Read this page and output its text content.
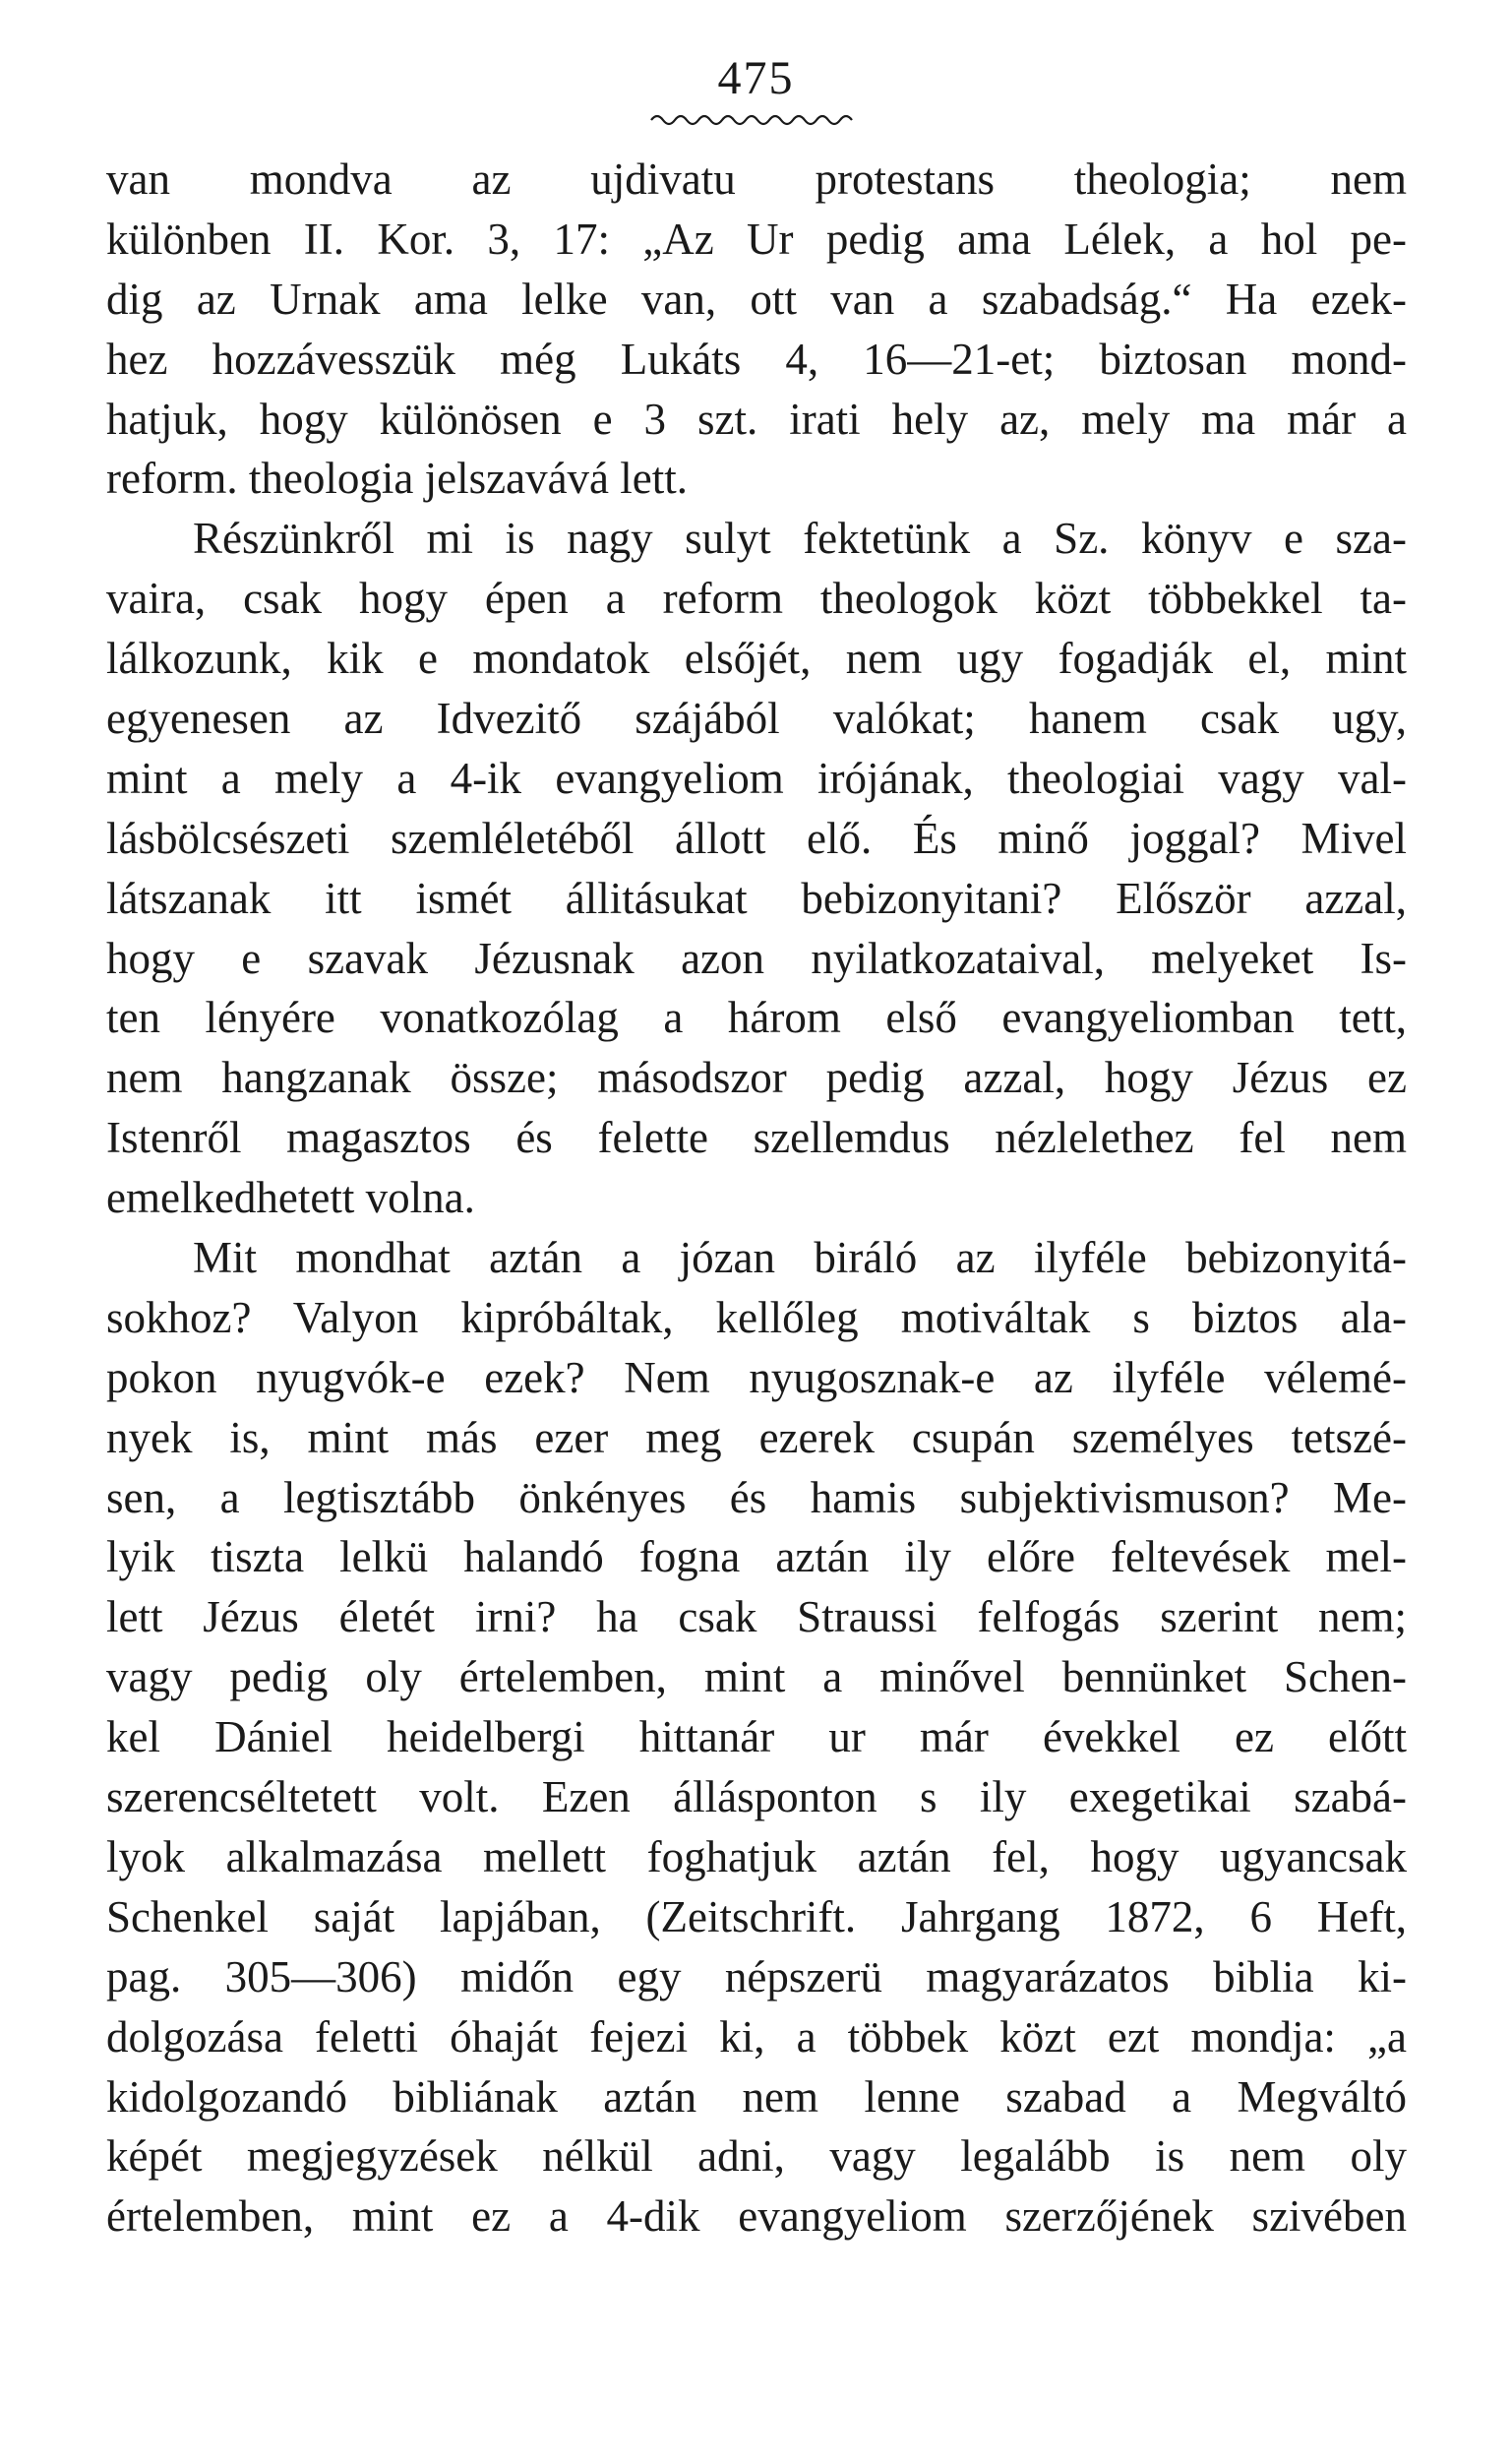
475
van mondva az ujdivatu protestans theologia; nem
különben II. Kor. 3, 17: „Az Ur pedig ama Lélek, a hol pe-
dig az Urnak ama lelke van, ott van a szabadság.“ Ha ezek-
hez hozzávesszük még Lukáts 4, 16—21-et; biztosan mond-
hatjuk, hogy különösen e 3 szt. irati hely az, mely ma már a
reform. theologia jelszavává lett.
Részünkről mi is nagy sulyt fektetünk a Sz. könyv e sza-
vaira, csak hogy épen a reform theologok közt többekkel ta-
lálkozunk, kik e mondatok elsőjét, nem ugy fogadják el, mint
egyenesen az Idvezitő szájából valókat; hanem csak ugy,
mint a mely a 4-ik evangyeliom irójának, theologiai vagy val-
lásbölcsészeti szemléletéből állott elő. És minő joggal? Mivel
látszanak itt ismét állitásukat bebizonyitani? Először azzal,
hogy e szavak Jézusnak azon nyilatkozataival, melyeket Is-
ten lényére vonatkozólag a három első evangyeliomban tett,
nem hangzanak össze; másodszor pedig azzal, hogy Jézus ez
Istenről magasztos és felette szellemdus nézlelethez fel nem
emelkedhetett volna.
Mit mondhat aztán a józan biráló az ilyféle bebizonyitá-
sokhoz? Valyon kipróbáltak, kellőleg motiváltak s biztos ala-
pokon nyugvók-e ezek? Nem nyugosznak-e az ilyféle vélemé-
nyek is, mint más ezer meg ezerek csupán személyes tetszé-
sen, a legtisztább önkényes és hamis subjektivismuson? Me-
lyik tiszta lelkü halandó fogna aztán ily előre feltevések mel-
lett Jézus életét irni? ha csak Straussi felfogás szerint nem;
vagy pedig oly értelemben, mint a minővel bennünket Schen-
kel Dániel heidelbergi hittanár ur már évekkel ez előtt
szerencséltetett volt. Ezen állásponton s ily exegetikai szabá-
lyok alkalmazása mellett foghatjuk aztán fel, hogy ugyancsak
Schenkel saját lapjában, (Zeitschrift. Jahrgang 1872, 6 Heft,
pag. 305—306) midőn egy népszerü magyarázatos biblia ki-
dolgozása feletti óhaját fejezi ki, a többek közt ezt mondja: „a
kidolgozandó bibliának aztán nem lenne szabad a Megváltó
képét megjegyzések nélkül adni, vagy legalább is nem oly
értelemben, mint ez a 4-dik evangyeliom szerzőjének szivében
